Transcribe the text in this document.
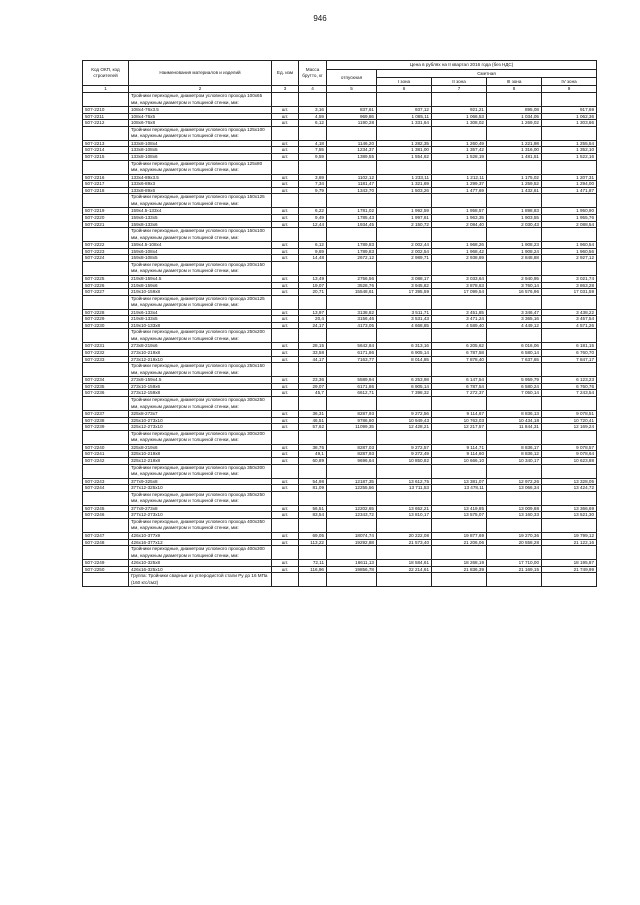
946
Код ОКП, код строителей	Наименования материалов и изделий	Ед. изм	Масса брутто, кг	Цена в рублях на II квартал 2016 года (без НДС)				
				отпускная	Сметная			
					I зона	II зона	III зона	IV зона
1	2	3	4	5	6	7	8	9
	Тройники переходные, диаметром условного прохода 100х65 мм, наружным диаметром и толщиной стенки, мм:							
507-2210	108х4-76х3.5	шт.	3,16	837,61	937,12	921,21	895,08	917,69
507-2211	108х4-76х5	шт.	4,59	969,86	1 085,11	1 066,53	1 034,05	1 062,36
507-2212	108х6-76х8	шт.	6,12	1190,28	1 331,64	1 308,02	1 269,02	1 303,86
	Тройники переходные, диаметром условного прохода 125х100 мм, наружным диаметром и толщиной стенки, мм:							
507-2213	133х8-108х4	шт.	4,18	1146,20	1 282,35	1 260,49	1 221,98	1 255,54
507-2214	133х8-108х5	шт.	7,55	1234,37	1 381,00	1 357,42	1 316,00	1 352,10
507-2215	133х8-108х6	шт.	9,59	1389,55	1 554,62	1 528,19	1 481,51	1 522,16
	Тройники переходные, диаметром условного прохода 125х80 мм, наружным диаметром и толщиной стенки, мм:							
507-2216	133х4-89х3.5	шт.	3,69	1102,12	1 233,11	1 212,11	1 175,02	1 207,31
507-2217	133х6-89х3	шт.	7,34	1181,47	1 321,69	1 299,37	1 259,52	1 294,00
507-2218	133х8-89х6	шт.	9,79	1343,70	1 503,26	1 477,69	1 432,61	1 471,87
	Тройники переходные, диаметром условного прохода 150х125 мм, наружным диаметром и толщиной стенки, мм:							
507-2219	159х4.5-133х4	шт.	6,22	1781,02	1 992,59	1 958,57	1 898,83	1 950,90
507-2220	159х6-133х5	шт.	9,49	1785,43	1 997,61	1 963,35	1 903,55	1 955,76
507-2221	159х8-133х6	шт.	12,44	1934,45	2 150,72	2 084,40	2 030,43	2 088,54
	Тройники переходные, диаметром условного прохода 150х100 мм, наружным диаметром и толщиной стенки, мм:							
507-2222	159х4.5-108х4	шт.	6,12	1789,83	2 002,44	1 968,26	1 908,23	1 960,54
507-2223	159х6-108х4	шт.	9,69	1789,83	2 002,54	1 968,42	1 908,24	1 960,56
507-2224	159х8-108х5	шт.	14,48	2672,12	2 989,71	2 938,69	2 848,88	2 927,12
	Тройники переходные, диаметром условного прохода 200х150 мм, наружным диаметром и толщиной стенки, мм:							
507-2225	219х8-159х4.5	шт.	13,49	2756,56	3 088,17	3 033,64	2 940,95	3 021,74
507-2226	219х8-159х6	шт.	19,07	3528,76	3 945,82	3 878,63	3 760,14	3 863,28
507-2227	219х10-159х8	шт.	20,71	15548,61	17 395,59	17 099,54	16 576,96	17 031,59
	Тройники переходные, диаметром условного прохода 200х125 мм, наружным диаметром и толщиной стенки, мм:							
507-2228	219х6-133х4	шт.	13,97	3138,82	3 511,71	3 451,85	3 346,47	3 438,22
507-2229	219х8-133х5	шт.	20,4	3156,46	3 531,43	3 471,24	3 365,16	3 457,54
507-2230	219х10-133х8	шт.	24,17	4173,05	4 668,85	4 589,40	4 449,12	4 571,26
	Тройники переходные, диаметром условного прохода 250х200 мм, наружным диаметром и толщиной стенки, мм:							
507-2231	273х8-219х6	шт.	28,15	5642,84	6 313,16	6 205,62	6 016,06	6 181,15
507-2232	273х10-219х8	шт.	33,58	6171,86	6 905,14	6 787,58	6 580,14	6 760,70
507-2233	273х12-219х10	шт.	44,17	7163,77	8 014,85	7 878,40	7 637,65	7 847,17
	Тройники переходные, диаметром условного прохода 250х150 мм, наружным диаметром и толщиной стенки, мм:							
507-2234	273х8-159х4.5	шт.	23,36	5589,94	6 253,98	6 147,54	5 959,79	6 123,23
507-2235	273х10-159х6	шт.	29,07	6171,86	6 905,14	6 787,54	6 580,24	6 760,76
507-2236	273х12-159х8	шт.	45,7	6612,71	7 398,32	7 272,37	7 050,14	7 243,54
	Тройники переходные, диаметром условного прохода 300х250 мм, наружным диаметром и толщиной стенки, мм:							
507-2237	325х8-273х7	шт.	36,31	8287,93	9 272,56	9 114,67	8 836,13	9 078,51
507-2238	325х10-273х10	шт.	46,51	9786,80	10 949,43	10 763,03	10 434,18	10 720,41
507-2239	325х12-273х10	шт.	57,62	11099,35	12 428,21	12 217,57	11 844,31	12 169,24
	Тройники переходные, диаметром условного прохода 300х200 мм, наружным диаметром и толщиной стенки, мм:							
507-2240	325х8-219х6	шт.	38,75	8287,03	9 272,57	9 114,71	8 836,17	9 078,57
507-2241	325х10-219х8	шт.	49,1	8287,93	9 272,49	9 114,60	8 836,12	9 078,64
507-2242	325х12-219х8	шт.	60,89	9696,64	10 850,82	10 666,10	10 340,17	10 623,88
	Тройники переходные, диаметром условного прохода 350х300 мм, наружным диаметром и толщиной стенки, мм:							
507-2243	377х9-325х8	шт.	54,98	12187,35	13 612,75	13 381,07	12 972,26	13 328,05
507-2244	377х12-325х10	шт.	81,09	12255,56	13 711,53	13 478,11	13 066,34	13 424,72
	Тройники переходные, диаметром условного прохода 350х250 мм, наружным диаметром и толщиной стенки, мм:							
507-2245	377х9-273х8	шт.	56,51	12202,65	13 652,21	13 419,85	13 009,88	13 366,69
507-2246	377х12-273х10	шт.	83,54	12343,72	13 810,17	13 575,07	13 160,33	13 521,30
	Тройники переходные, диаметром условного прохода 400х350 мм, наружным диаметром и толщиной стенки, мм:							
507-2247	426х10-377х9	шт.	69,05	18074,74	20 222,08	19 877,69	19 270,36	19 799,12
507-2248	426х16-377х12	шт.	113,22	19292,88	21 573,40	21 206,06	20 558,28	21 122,16
	Тройники переходные, диаметром условного прохода 400х300 мм, наружным диаметром и толщиной стенки, мм:							
507-2249	426х10-325х8	шт.	72,11	16611,13	18 584,61	18 268,19	17 710,00	18 195,87
507-2250	426х16-325х10	шт.	116,96	19856,78	22 214,61	21 836,39	21 169,15	21 749,99
	Группа: Тройники сварные из углеродистой стали Ру до 16 МПа (160 кгс/см2)							
